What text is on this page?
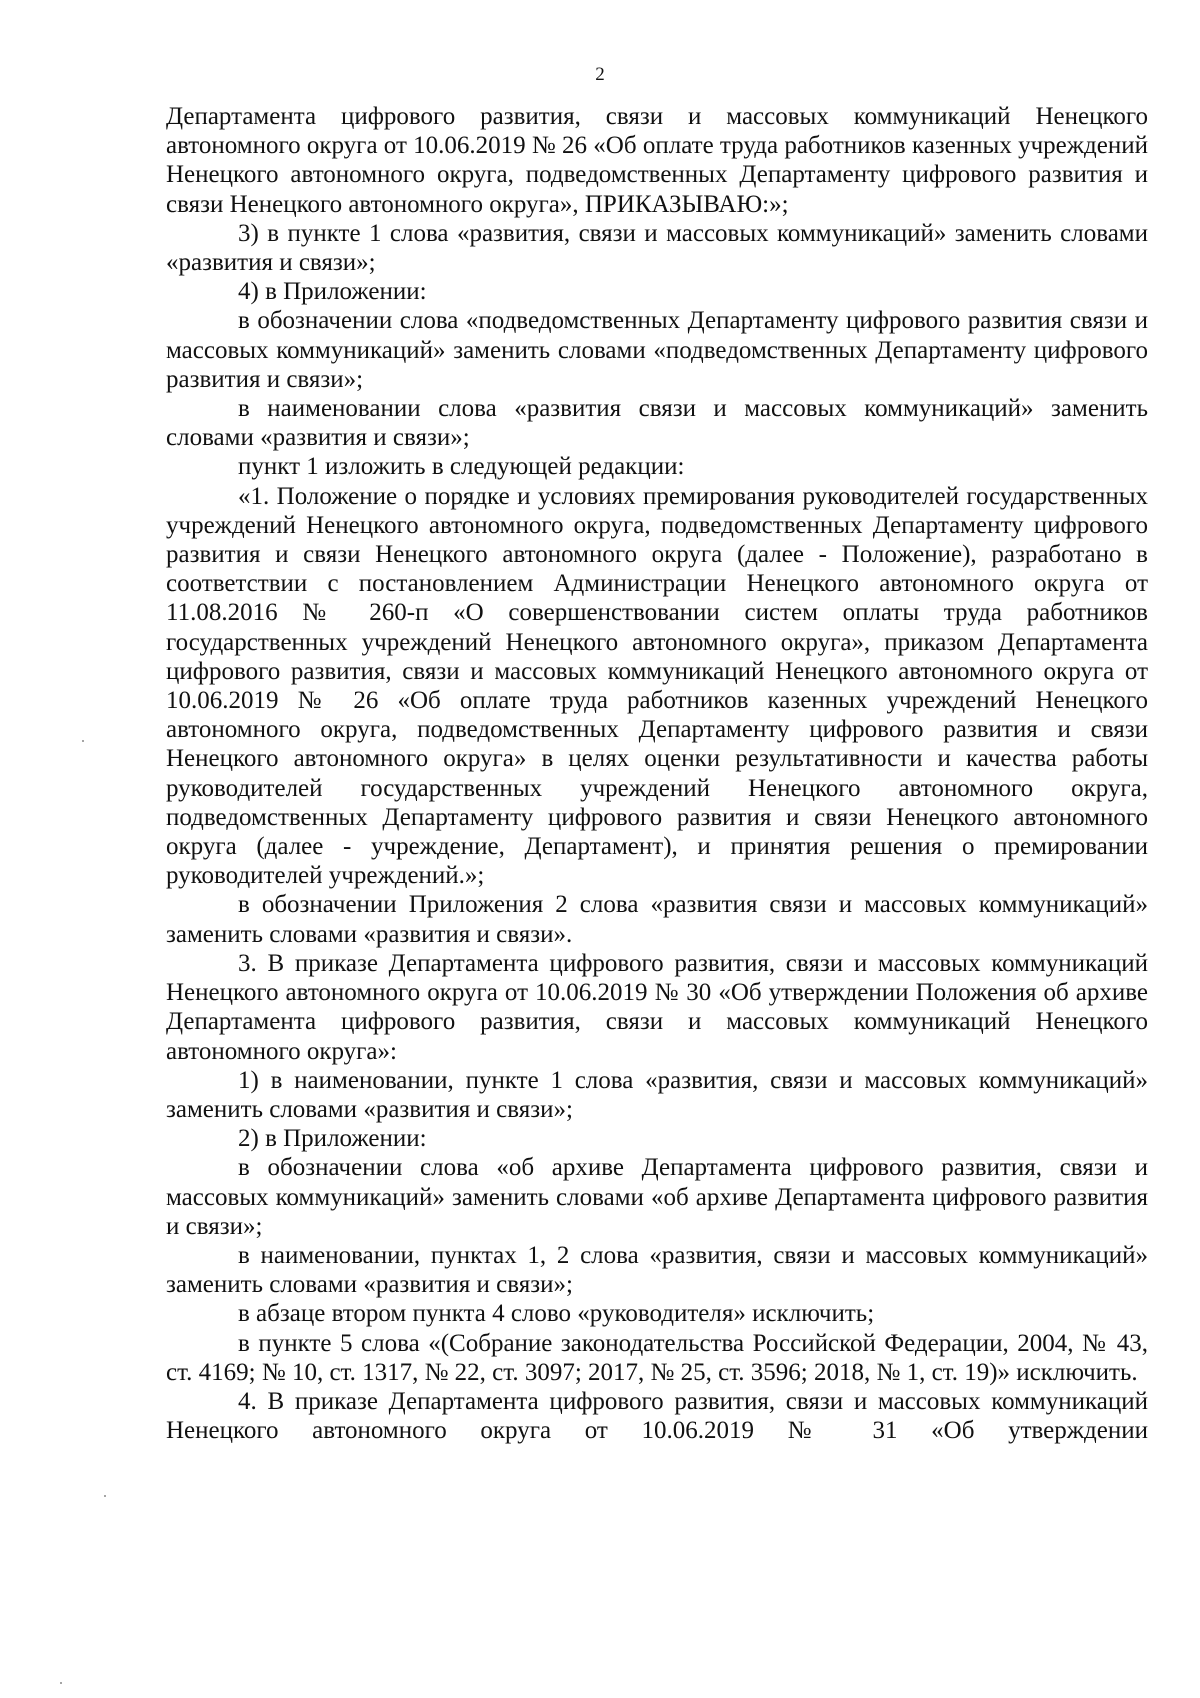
2

Департамента цифрового развития, связи и массовых коммуникаций Ненецкого автономного округа от 10.06.2019 № 26 «Об оплате труда работников казенных учреждений Ненецкого автономного округа, подведомственных Департаменту цифрового развития и связи Ненецкого автономного округа», ПРИКАЗЫВАЮ:»;

3) в пункте 1 слова «развития, связи и массовых коммуникаций» заменить словами «развития и связи»;

4) в Приложении:

в обозначении слова «подведомственных Департаменту цифрового развития связи и массовых коммуникаций» заменить словами «подведомственных Департаменту цифрового развития и связи»;

в наименовании слова «развития связи и массовых коммуникаций» заменить словами «развития и связи»;

пункт 1 изложить в следующей редакции:

«1. Положение о порядке и условиях премирования руководителей государственных учреждений Ненецкого автономного округа, подведомственных Департаменту цифрового развития и связи Ненецкого автономного округа (далее - Положение), разработано в соответствии с постановлением Администрации Ненецкого автономного округа от 11.08.2016 № 260-п «О совершенствовании систем оплаты труда работников государственных учреждений Ненецкого автономного округа», приказом Департамента цифрового развития, связи и массовых коммуникаций Ненецкого автономного округа от 10.06.2019 № 26 «Об оплате труда работников казенных учреждений Ненецкого автономного округа, подведомственных Департаменту цифрового развития и связи Ненецкого автономного округа» в целях оценки результативности и качества работы руководителей государственных учреждений Ненецкого автономного округа, подведомственных Департаменту цифрового развития и связи Ненецкого автономного округа (далее - учреждение, Департамент), и принятия решения о премировании руководителей учреждений.»;

в обозначении Приложения 2 слова «развития связи и массовых коммуникаций» заменить словами «развития и связи».

3. В приказе Департамента цифрового развития, связи и массовых коммуникаций Ненецкого автономного округа от 10.06.2019 № 30 «Об утверждении Положения об архиве Департамента цифрового развития, связи и массовых коммуникаций Ненецкого автономного округа»:

1) в наименовании, пункте 1 слова «развития, связи и массовых коммуникаций» заменить словами «развития и связи»;

2) в Приложении:

в обозначении слова «об архиве Департамента цифрового развития, связи и массовых коммуникаций» заменить словами «об архиве Департамента цифрового развития и связи»;

в наименовании, пунктах 1, 2 слова «развития, связи и массовых коммуникаций» заменить словами «развития и связи»;

в абзаце втором пункта 4 слово «руководителя» исключить;

в пункте 5 слова «(Собрание законодательства Российской Федерации, 2004, № 43, ст. 4169; № 10, ст. 1317, № 22, ст. 3097; 2017, № 25, ст. 3596; 2018, № 1, ст. 19)» исключить.

4. В приказе Департамента цифрового развития, связи и массовых коммуникаций Ненецкого автономного округа от 10.06.2019 № 31 «Об утверждении
